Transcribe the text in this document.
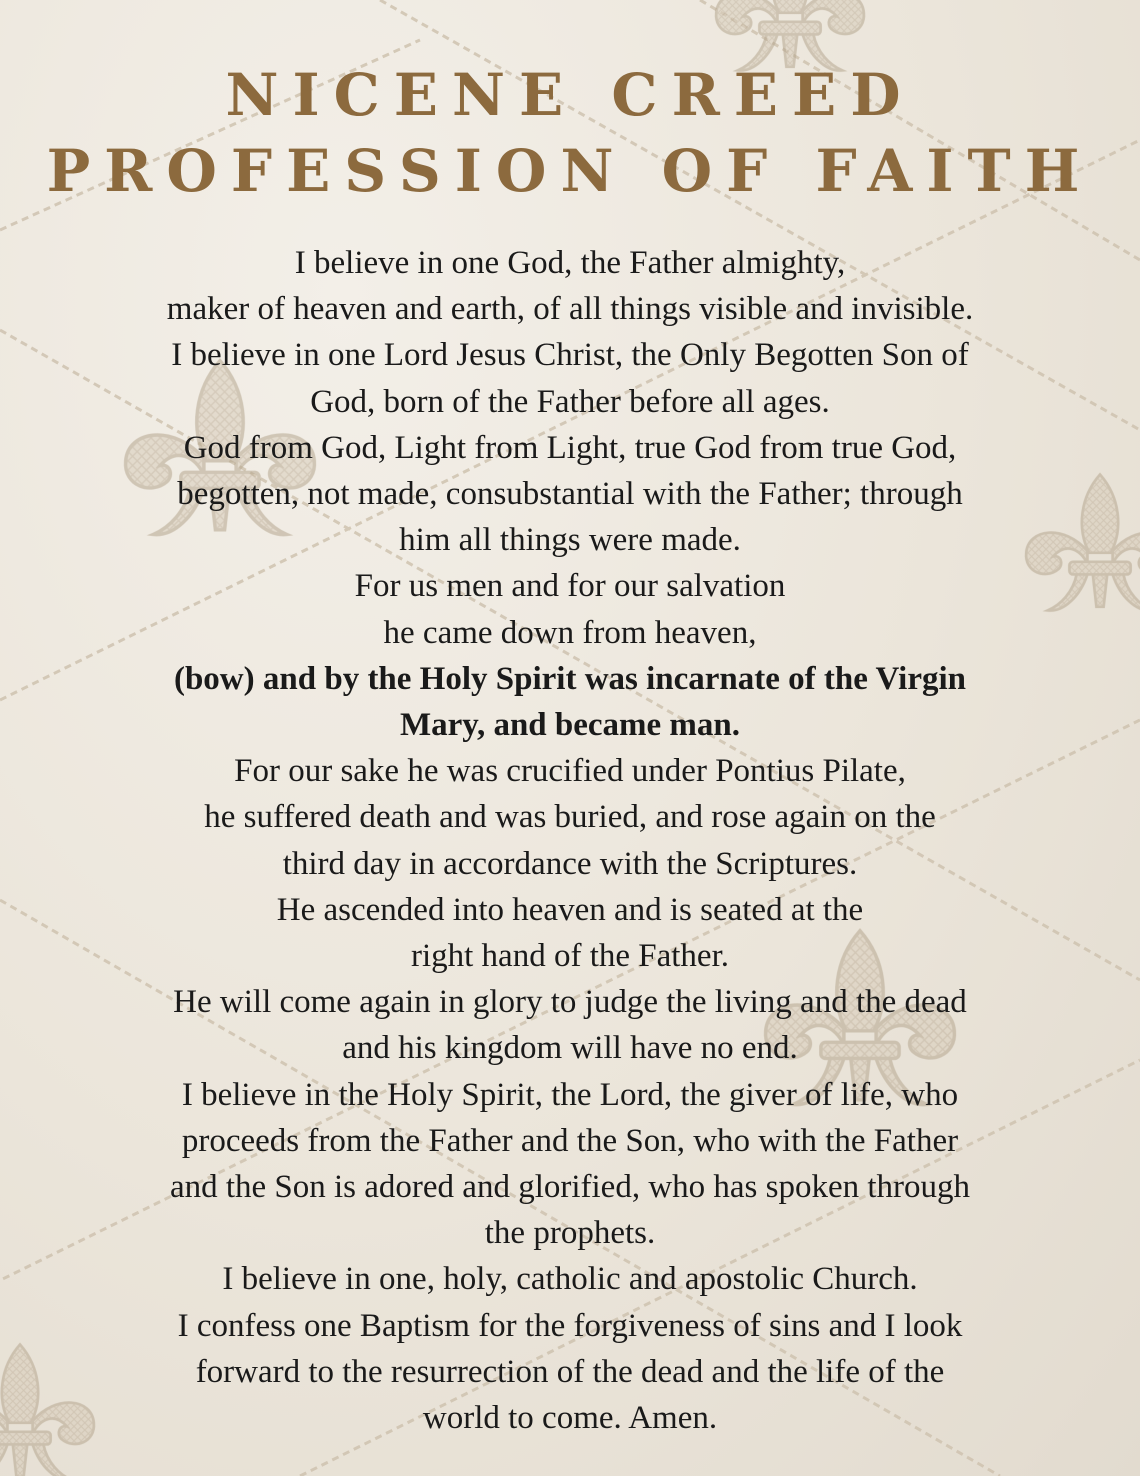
NICENE CREED
PROFESSION OF FAITH
I believe in one God, the Father almighty,
maker of heaven and earth, of all things visible and invisible.
I believe in one Lord Jesus Christ, the Only Begotten Son of
God, born of the Father before all ages.
God from God, Light from Light, true God from true God,
begotten, not made, consubstantial with the Father; through
him all things were made.
For us men and for our salvation
he came down from heaven,
(bow) and by the Holy Spirit was incarnate of the Virgin
Mary, and became man.
For our sake he was crucified under Pontius Pilate,
he suffered death and was buried, and rose again on the
third day in accordance with the Scriptures.
He ascended into heaven and is seated at the
right hand of the Father.
He will come again in glory to judge the living and the dead
and his kingdom will have no end.
I believe in the Holy Spirit, the Lord, the giver of life, who
proceeds from the Father and the Son, who with the Father
and the Son is adored and glorified, who has spoken through
the prophets.
I believe in one, holy, catholic and apostolic Church.
I confess one Baptism for the forgiveness of sins and I look
forward to the resurrection of the dead and the life of the
world to come. Amen.
